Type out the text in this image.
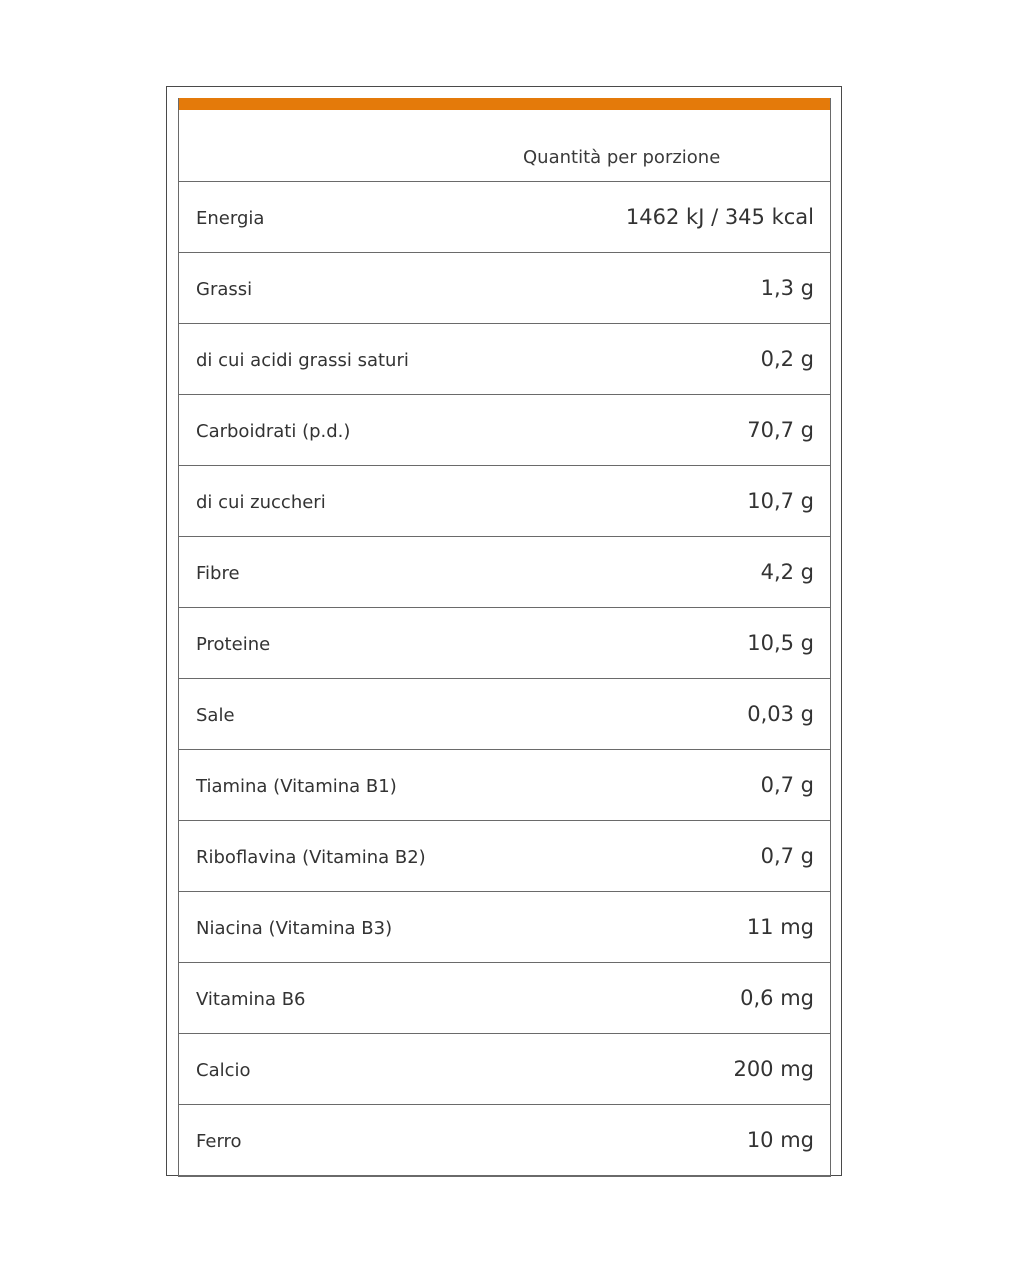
Quantità per porzione
Energia	1462 kJ / 345 kcal
Grassi	1,3 g
di cui acidi grassi saturi	0,2 g
Carboidrati (p.d.)	70,7 g
di cui zuccheri	10,7 g
Fibre	4,2 g
Proteine	10,5 g
Sale	0,03 g
Tiamina (Vitamina B1)	0,7 g
Riboflavina (Vitamina B2)	0,7 g
Niacina (Vitamina B3)	11 mg
Vitamina B6	0,6 mg
Calcio	200 mg
Ferro	10 mg
